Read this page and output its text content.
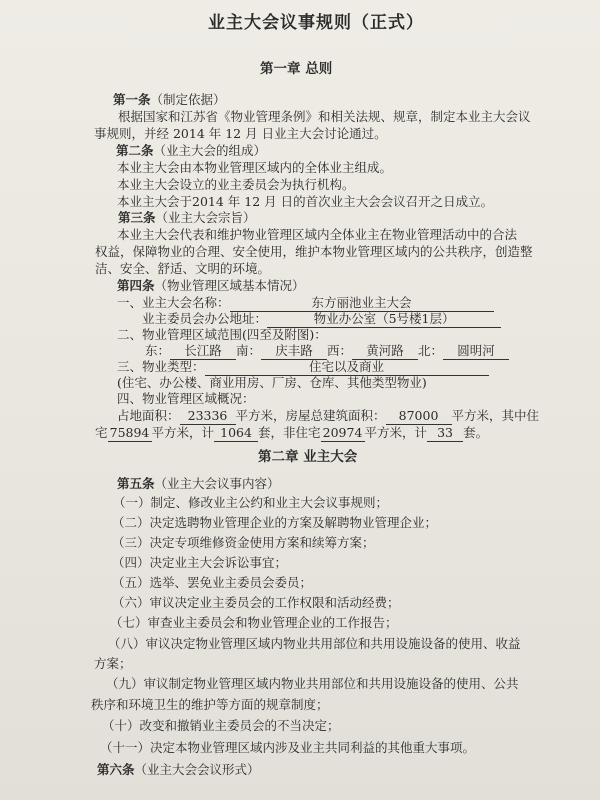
业主大会议事规则（正式）
第一章 总则
第一条（制定依据）
根据国家和江苏省《物业管理条例》和相关法规、规章，制定本业主大会议
事规则，并经 2014 年 12 月 日业主大会讨论通过。
第二条（业主大会的组成）
本业主大会由本物业管理区域内的全体业主组成。
本业主大会设立的业主委员会为执行机构。
本业主大会于2014 年 12 月 日的首次业主大会会议召开之日成立。
第三条（业主大会宗旨）
本业主大会代表和维护物业管理区域内全体业主在物业管理活动中的合法
权益，保障物业的合理、安全使用，维护本物业管理区域内的公共秩序，创造整
洁、安全、舒适、文明的环境。
第四条（物业管理区域基本情况）
一、业主大会名称：	东方丽池业主大会
业主委员会办公地址：	物业办公室（5号楼1层）
二、物业管理区域范围(四至及附图)：
东： 长江路 南： 庆丰路 西： 黄河路 北： 圆明河
三、物业类型：	住宅以及商业
(住宅、办公楼、商业用房、厂房、仓库、其他类型物业)
四、物业管理区域概况：
占地面积： 23336 平方米，房屋总建筑面积： 87000 平方米，其中住
宅 75894 平方米，计 1064 套，非住宅 20974 平方米，计 33 套。
第二章 业主大会
第五条（业主大会议事内容）
（一）制定、修改业主公约和业主大会议事规则；
（二）决定选聘物业管理企业的方案及解聘物业管理企业；
（三）决定专项维修资金使用方案和续筹方案；
（四）决定业主大会诉讼事宜；
（五）选举、罢免业主委员会委员；
（六）审议决定业主委员会的工作权限和活动经费；
（七）审查业主委员会和物业管理企业的工作报告；
（八）审议决定物业管理区域内物业共用部位和共用设施设备的使用、收益
方案；
（九）审议制定物业管理区域内物业共用部位和共用设施设备的使用、公共
秩序和环境卫生的维护等方面的规章制度；
（十）改变和撤销业主委员会的不当决定；
（十一）决定本物业管理区域内涉及业主共同利益的其他重大事项。
第六条（业主大会会议形式）
